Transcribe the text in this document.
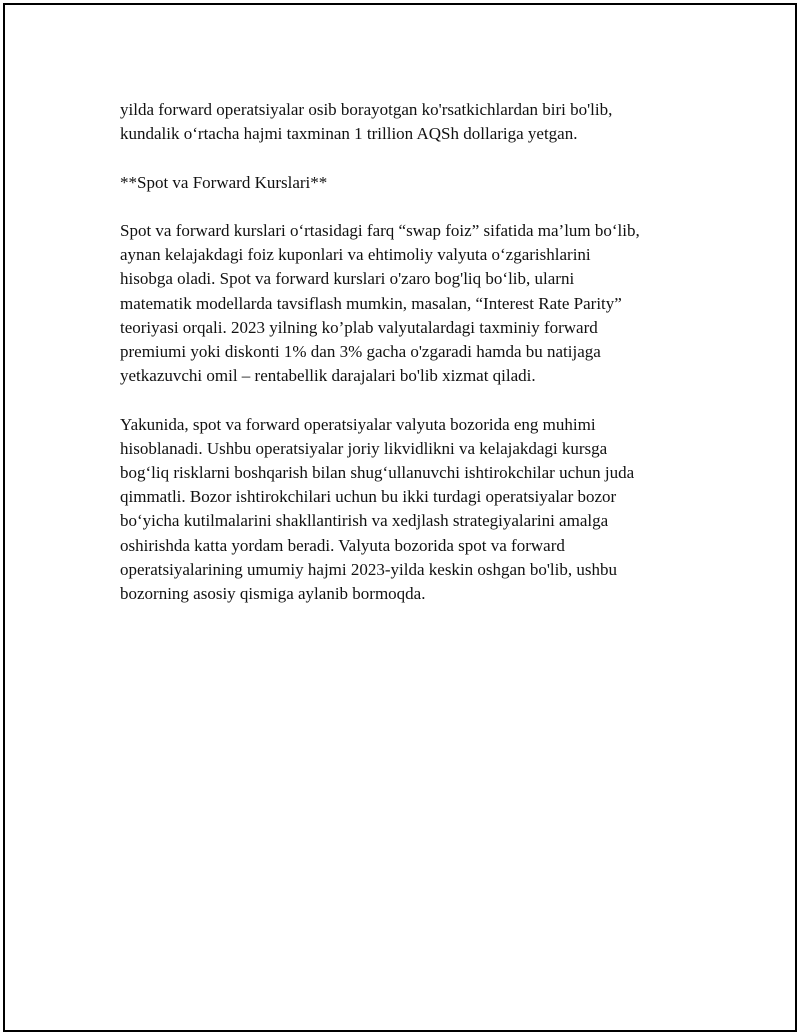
yilda forward operatsiyalar osib borayotgan ko'rsatkichlardan biri bo'lib,
kundalik o‘rtacha hajmi taxminan 1 trillion AQSh dollariga yetgan.

**Spot va Forward Kurslari**

Spot va forward kurslari o‘rtasidagi farq “swap foiz” sifatida ma’lum bo‘lib,
aynan kelajakdagi foiz kuponlari va ehtimoliy valyuta o‘zgarishlarini
hisobga oladi. Spot va forward kurslari o'zaro bog'liq bo‘lib, ularni
matematik modellarda tavsiflash mumkin, masalan, “Interest Rate Parity”
teoriyasi orqali. 2023 yilning ko’plab valyutalardagi taxminiy forward
premiumi yoki diskonti 1% dan 3% gacha o'zgaradi hamda bu natijaga
yetkazuvchi omil – rentabellik darajalari bo'lib xizmat qiladi.

Yakunida, spot va forward operatsiyalar valyuta bozorida eng muhimi
hisoblanadi. Ushbu operatsiyalar joriy likvidlikni va kelajakdagi kursga
bog‘liq risklarni boshqarish bilan shug‘ullanuvchi ishtirokchilar uchun juda
qimmatli. Bozor ishtirokchilari uchun bu ikki turdagi operatsiyalar bozor
bo‘yicha kutilmalarini shakllantirish va xedjlash strategiyalarini amalga
oshirishda katta yordam beradi. Valyuta bozorida spot va forward
operatsiyalarining umumiy hajmi 2023-yilda keskin oshgan bo'lib, ushbu
bozorning asosiy qismiga aylanib bormoqda.
